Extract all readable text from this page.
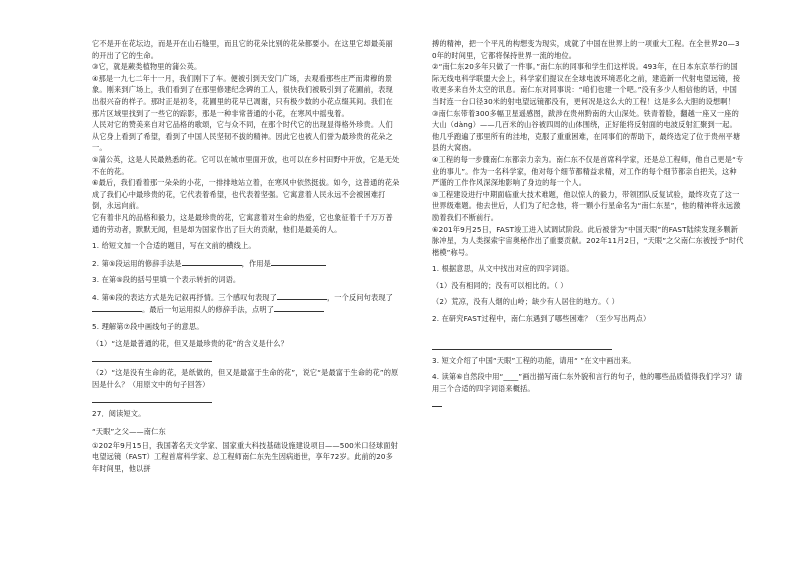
它不是开在花坛边，而是开在山石缝里，而且它的花朵比别的花朵都要小。在这里它却最美丽的开出了它的生命。

③它，就是蕨类植物里的蒲公英。

④那是一九七二年十一月，我们刚下了车。便被引到天安门广场，去观看那些庄严而肃穆的景象。刚来到广场上，我们看到了在那里修建纪念碑的工人，很快我们被吸引到了花圃前，表现出很兴奋的样子。那时正是初冬，花圃里的花早已凋谢，只有极少数的小花点缀其间。我们在那片区域里找到了一些它的踪影，那是一种非常普通的小花，在寒风中摇曳着。

人民对它的赞美来自对它品格的歌颂，它与众不同，在那个时代它的出现显得格外珍贵。人们从它身上看到了希望，看到了中国人民坚韧不拔的精神。因此它也被人们誉为最珍贵的花朵之一。

⑤蒲公英，这是人民最熟悉的花。它可以在城市里面开放，也可以在乡村田野中开放，它是无处不在的花。

⑥最后，我们看着那一朵朵的小花，一排排地站立着，在寒风中依然挺拔。如今，这普通的花朵成了我们心中最珍贵的花，它代表着希望，也代表着坚强。它寓意着人民永远不会被困难打倒，永远向前。

它有着非凡的品格和毅力，这是最珍贵的花，它寓意着对生命的热爱，它也象征着千千万万普通的劳动者，默默无闻，但是却为国家作出了巨大的贡献，他们是最美的人。

1. 给短文加一个合适的题目，写在文前的横线上。

2. 第⑤段运用的修辞手法是	，作用是

3. 在第⑤段的括号里填一个表示转折的词语。

4. 第⑥段的表达方式是先记叙再抒情。三个感叹句表现了	，一个反问句表现了
。最后一句运用拟人的修辞手法，点明了

5. 理解第⑦段中画线句子的意思。

（1）“这是最普通的花，但又是最珍贵的花”的含义是什么？

（2）“这是没有生命的花，是纸做的，但又是最富于生命的花”，说它“是最富于生命的花”的原因是什么？（用原文中的句子回答）

27．阅读短文。

“天眼”之父——南仁东

①202年9月15日，我国著名天文学家、国家重大科技基础设施建设项目——500米口径球面射电望远镜（FAST）工程首席科学家、总工程师南仁东先生因病逝世，享年72岁。此前的20多年时间里，他以拼

搏的精神，把一个平凡的构想变为现实，成就了中国在世界上的一项重大工程。在全世界20—30年的时间里，它都将保持世界一流的地位。

②“南仁东20多年只做了一件事。”南仁东的同事和学生们这样说。493年，在日本东京举行的国际无线电科学联盟大会上，科学家们提议在全球电波环境恶化之前，建造新一代射电望远镜，接收更多来自外太空的讯息。南仁东对同事说：“咱们也建一个吧。”没有多少人相信他的话，中国当时连一台口径30米的射电望远镜都没有，更何况是这么大的工程！这是多么大胆的设想啊！

③南仁东带着300多幅卫星遥感图，跋涉在贵州黔南的大山深处。铁青着脸，翻越一座又一座的大山（dàng）——几百米的山谷被四周的山体围绕，正好能将反射面的电波反射汇聚到一起。他几乎跑遍了那里所有的洼地，克服了重重困难，在同事们的帮助下，最终选定了位于贵州平塘县的大窝凼。

④工程的每一步骤南仁东都亲力亲为。南仁东不仅是首席科学家，还是总工程师，他自己更是“专业的事儿”。作为一名科学家，他对每个细节都精益求精，对工作的每个细节都亲自把关，这种严谨的工作作风深深地影响了身边的每一个人。

⑤工程建设进行中期面临重大技术难题，他以惊人的毅力，带领团队反复试验，最终攻克了这一世界级难题。他去世后，人们为了纪念他，将一颗小行星命名为“南仁东星”，他的精神将永远激励着我们不断前行。

⑥201年9月25日，FAST竣工进入试调试阶段。此后被誉为“中国天眼”的FAST陆续发现多颗新脉冲星，为人类探索宇宙奥秘作出了重要贡献。202年11月2日，“天眼”之父南仁东被授予“时代楷模”称号。

1. 根据意思，从文中找出对应的四字词语。

（1）没有相同的；没有可以相比的。（ ）

（2）荒凉，没有人烟的山岭；缺少有人居住的地方。（ ）

2. 在研究FAST过程中，南仁东遇到了哪些困难？（至少写出两点）

3. 短文介绍了中国“天眼”工程的功能，请用“ ”在文中画出来。

4. 读第⑥自然段中用“____”画出描写南仁东外貌和言行的句子，他的哪些品质值得我们学习？请用三个合适的四字词语来概括。
